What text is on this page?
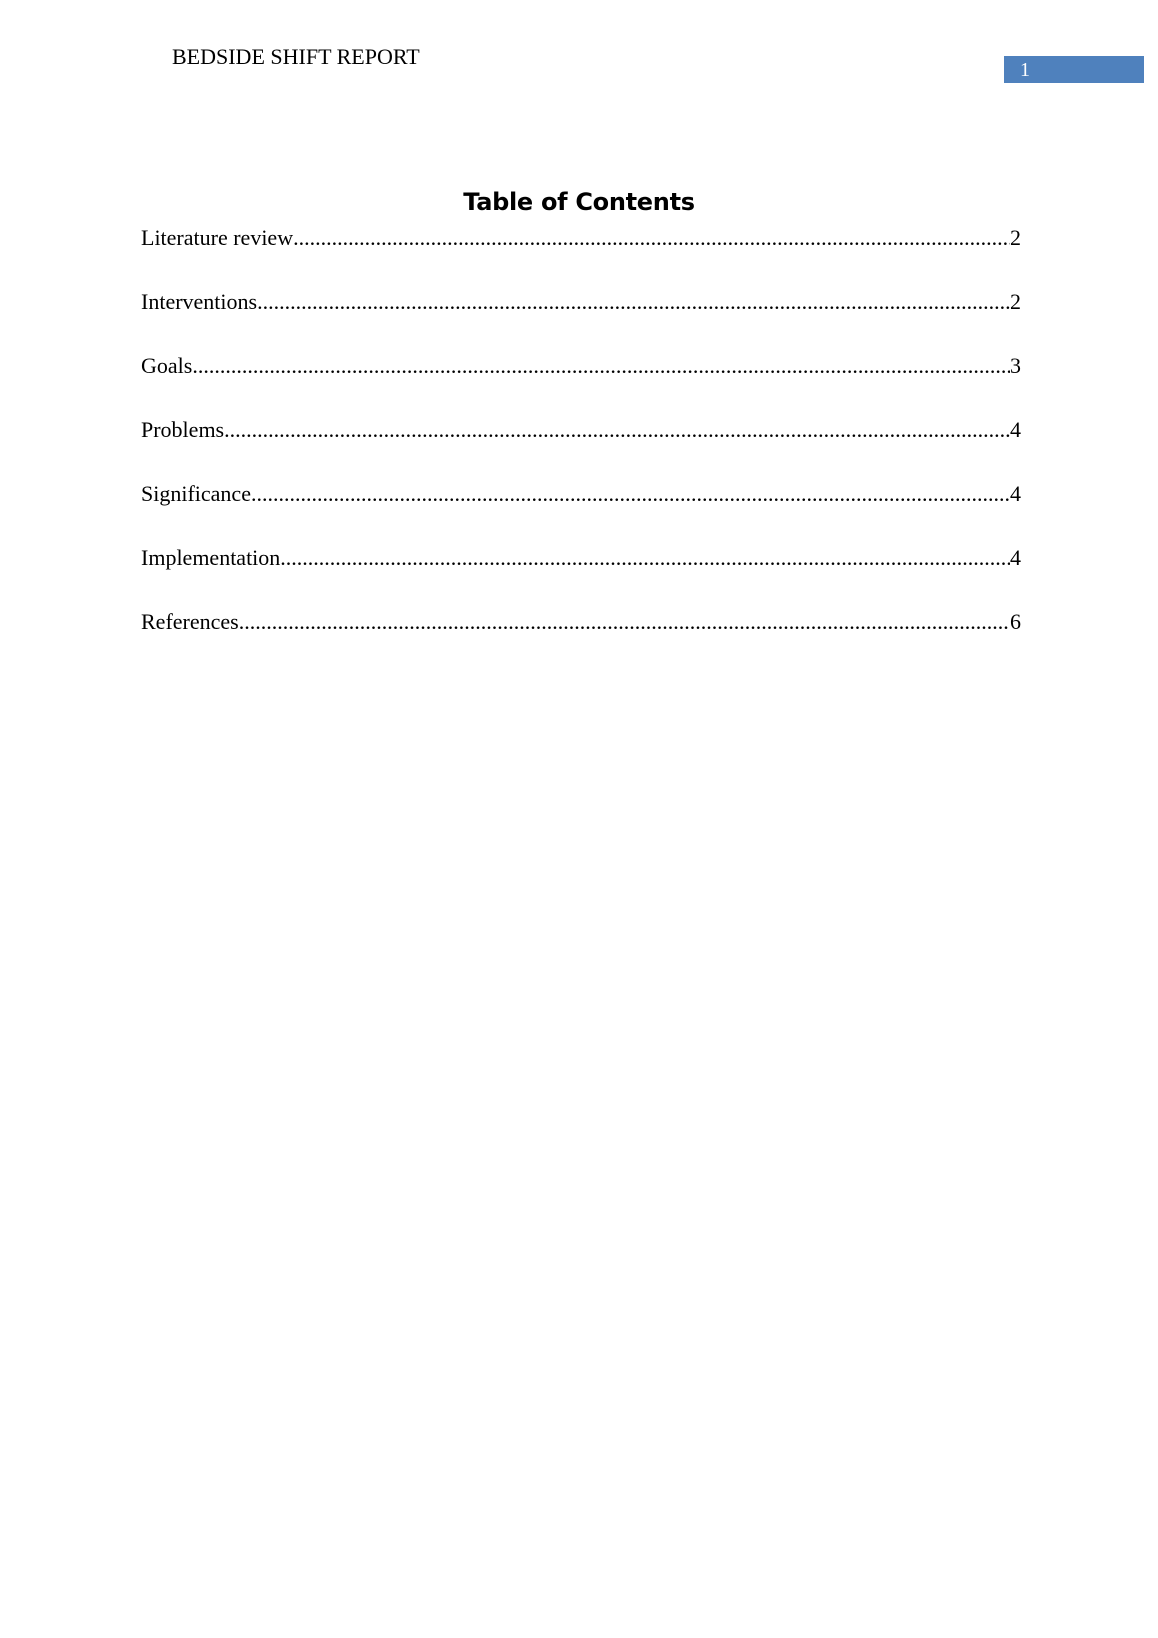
BEDSIDE SHIFT REPORT
1
Table of Contents
Literature review .....	2
Interventions .....	2
Goals .....	3
Problems .....	4
Significance .....	4
Implementation .....	4
References .....	6
